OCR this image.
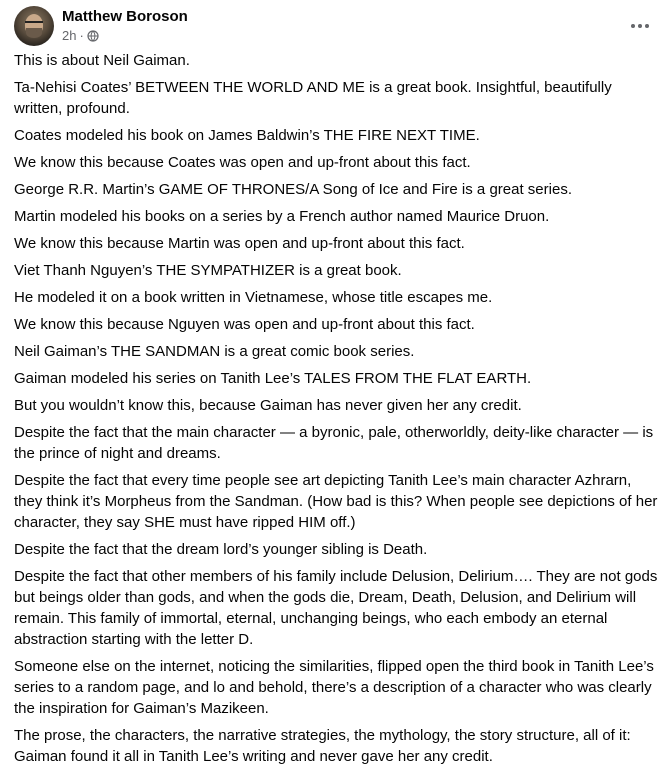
Matthew Boroson
2h ·

This is about Neil Gaiman.

Ta-Nehisi Coates’ BETWEEN THE WORLD AND ME is a great book. Insightful, beautifully written, profound.

Coates modeled his book on James Baldwin’s THE FIRE NEXT TIME.

We know this because Coates was open and up-front about this fact.

George R.R. Martin’s GAME OF THRONES/A Song of Ice and Fire is a great series.

Martin modeled his books on a series by a French author named Maurice Druon.

We know this because Martin was open and up-front about this fact.

Viet Thanh Nguyen’s THE SYMPATHIZER is a great book.

He modeled it on a book written in Vietnamese, whose title escapes me.

We know this because Nguyen was open and up-front about this fact.

Neil Gaiman’s THE SANDMAN is a great comic book series.

Gaiman modeled his series on Tanith Lee’s TALES FROM THE FLAT EARTH.

But you wouldn’t know this, because Gaiman has never given her any credit.

Despite the fact that the main character — a byronic, pale, otherworldly, deity-like character — is the prince of night and dreams.

Despite the fact that every time people see art depicting Tanith Lee’s main character Azhrarn, they think it’s Morpheus from the Sandman. (How bad is this? When people see depictions of her character, they say SHE must have ripped HIM off.)

Despite the fact that the dream lord’s younger sibling is Death.

Despite the fact that other members of his family include Delusion, Delirium…. They are not gods but beings older than gods, and when the gods die, Dream, Death, Delusion, and Delirium will remain. This family of immortal, eternal, unchanging beings, who each embody an eternal abstraction starting with the letter D.

Someone else on the internet, noticing the similarities, flipped open the third book in Tanith Lee’s series to a random page, and lo and behold, there’s a description of a character who was clearly the inspiration for Gaiman’s Mazikeen.

The prose, the characters, the narrative strategies, the mythology, the story structure, all of it: Gaiman found it all in Tanith Lee’s writing and never gave her any credit.
